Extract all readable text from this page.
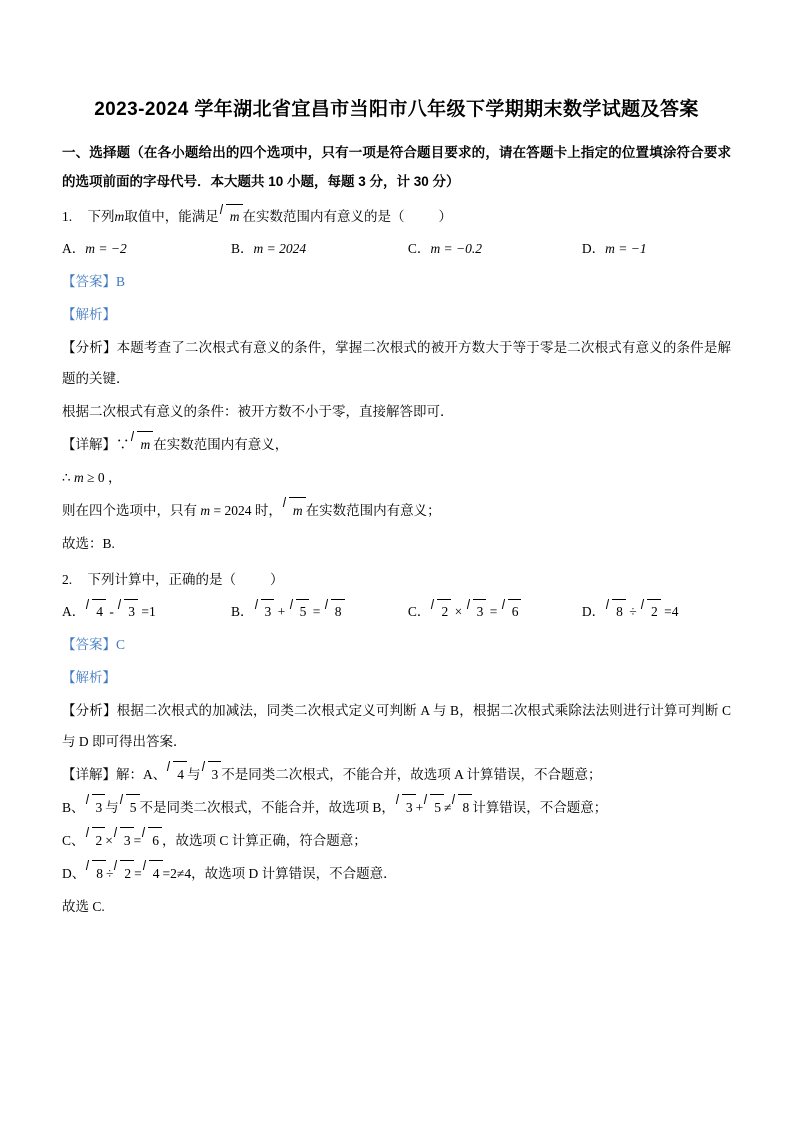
2023-2024 学年湖北省宜昌市当阳市八年级下学期期末数学试题及答案
一、选择题（在各小题给出的四个选项中，只有一项是符合题目要求的，请在答题卡上指定的位置填涂符合要求的选项前面的字母代号．本大题共 10 小题，每题 3 分，计 30 分）
1. 下列m取值中，能满足 m 在实数范围内有意义的是（	）
A． m = −2	B． m = 2024	C． m = −0.2	D． m = −1
【答案】B
【解析】
【分析】本题考查了二次根式有意义的条件，掌握二次根式的被开方数大于等于零是二次根式有意义的条件是解题的关键．
根据二次根式有意义的条件：被开方数不小于零，直接解答即可．
【详解】∵ m 在实数范围内有意义，
∴ m ≥ 0 ，
则在四个选项中，只有 m = 2024 时， m 在实数范围内有意义；
故选：B.
2. 下列计算中，正确的是（	）
A． 4 - 3 =1	B． 3 + 5 = 8	C． 2 × 3 = 6	D． 8 ÷ 2 =4
【答案】C
【解析】
【分析】根据二次根式的加减法，同类二次根式定义可判断 A 与 B，根据二次根式乘除法法则进行计算可判断 C 与 D 即可得出答案．
【详解】解：A、 4 与 3 不是同类二次根式，不能合并，故选项 A 计算错误，不合题意；
B、 3 与 5 不是同类二次根式，不能合并，故选项 B， 3 + 5 ≠ 8 计算错误，不合题意；
C、 2 × 3 = 6 ，故选项 C 计算正确，符合题意；
D、 8 ÷ 2 = 4 =2≠4，故选项 D 计算错误，不合题意．
故选 C.
